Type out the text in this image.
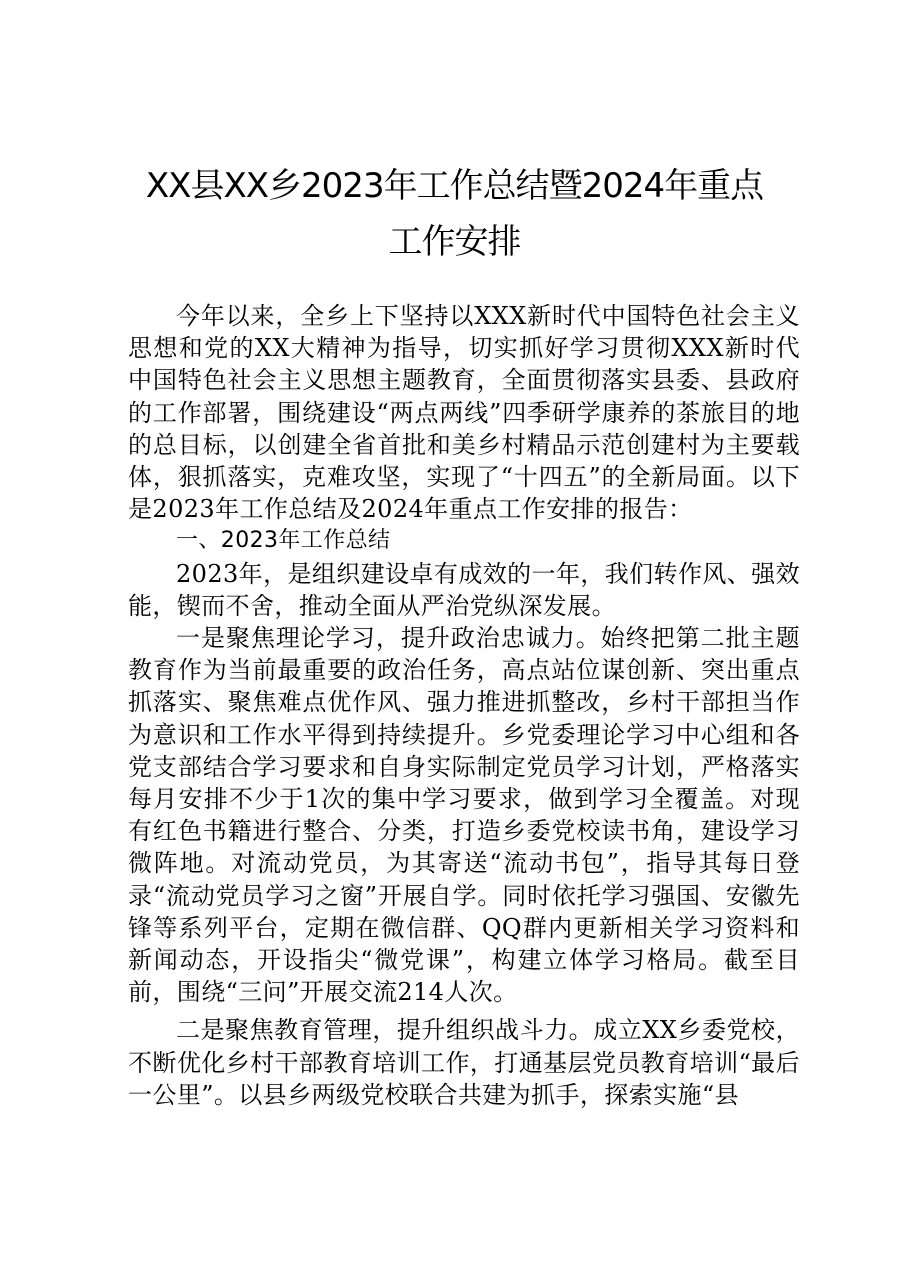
XX县XX乡2023年工作总结暨2024年重点
工作安排

今年以来，全乡上下坚持以XXX新时代中国特色社会主义思想和党的XX大精神为指导，切实抓好学习贯彻XXX新时代中国特色社会主义思想主题教育，全面贯彻落实县委、县政府的工作部署，围绕建设“两点两线”四季研学康养的茶旅目的地的总目标，以创建全省首批和美乡村精品示范创建村为主要载体，狠抓落实，克难攻坚，实现了“十四五”的全新局面。以下是2023年工作总结及2024年重点工作安排的报告：

一、2023年工作总结

2023年，是组织建设卓有成效的一年，我们转作风、强效能，锲而不舍，推动全面从严治党纵深发展。

一是聚焦理论学习，提升政治忠诚力。始终把第二批主题教育作为当前最重要的政治任务，高点站位谋创新、突出重点抓落实、聚焦难点优作风、强力推进抓整改，乡村干部担当作为意识和工作水平得到持续提升。乡党委理论学习中心组和各党支部结合学习要求和自身实际制定党员学习计划，严格落实每月安排不少于1次的集中学习要求，做到学习全覆盖。对现有红色书籍进行整合、分类，打造乡委党校读书角，建设学习微阵地。对流动党员，为其寄送“流动书包”，指导其每日登录“流动党员学习之窗”开展自学。同时依托学习强国、安徽先锋等系列平台，定期在微信群、QQ群内更新相关学习资料和新闻动态，开设指尖“微党课”，构建立体学习格局。截至目前，围绕“三问”开展交流214人次。

二是聚焦教育管理，提升组织战斗力。成立XX乡委党校，不断优化乡村干部教育培训工作，打通基层党员教育培训“最后一公里”。以县乡两级党校联合共建为抓手，探索实施“县
